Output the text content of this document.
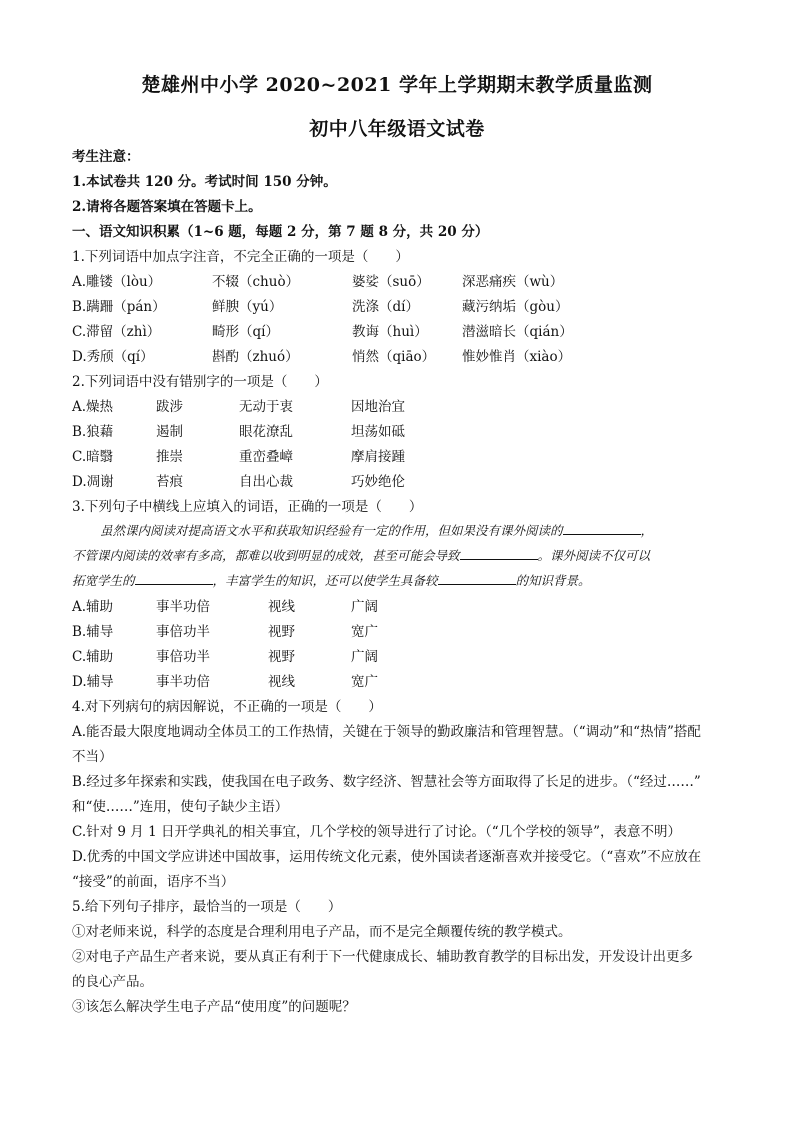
楚雄州中小学 2020~2021 学年上学期期末教学质量监测
初中八年级语文试卷
考生注意：
1.本试卷共 120 分。考试时间 150 分钟。
2.请将各题答案填在答题卡上。
一、语文知识积累（1~6 题，每题 2 分，第 7 题 8 分，共 20 分）
1.下列词语中加点字注音，不完全正确的一项是（　　）
A.雕镂（lòu）	不辍（chuò）	婆娑（suō） 深恶痛疾（wù）
B.蹒跚（pán）	鲜腴（yú）	洗涤（dí）	藏污纳垢（gòu）
C.滞留（zhì）	畸形（qí）	教诲（huì）	潜滋暗长（qián）
D.秀颀（qí）	斟酌（zhuó）	悄然（qiāo） 惟妙惟肖（xiào）
2.下列词语中没有错别字的一项是（　　）
A.燥热	跋涉	无动于衷	因地治宜
B.狼藉	遏制	眼花潦乱	坦荡如砥
C.暗翳	推崇	重峦叠嶂	摩肩接踵
D.凋谢	苔痕	自出心裁	巧妙绝伦
3.下列句子中横线上应填入的词语，正确的一项是（　　）
虽然课内阅读对提高语文水平和获取知识经验有一定的作用，但如果没有课外阅读的	，
不管课内阅读的效率有多高，都难以收到明显的成效，甚至可能会导致	。课外阅读不仅可以
拓宽学生的	，丰富学生的知识，还可以使学生具备较	的知识背景。
A.辅助	事半功倍	视线	广阔
B.辅导	事倍功半	视野	宽广
C.辅助	事倍功半	视野	广阔
D.辅导	事半功倍	视线	宽广
4.对下列病句的病因解说，不正确的一项是（　　）
A.能否最大限度地调动全体员工的工作热情，关键在于领导的勤政廉洁和管理智慧。（“调动”和“热情”搭配
不当）
B.经过多年探索和实践，使我国在电子政务、数字经济、智慧社会等方面取得了长足的进步。（“经过……”
和“使……”连用，使句子缺少主语）
C.针对 9 月 1 日开学典礼的相关事宜，几个学校的领导进行了讨论。（“几个学校的领导”，表意不明）
D.优秀的中国文学应讲述中国故事，运用传统文化元素，使外国读者逐渐喜欢并接受它。（“喜欢”不应放在
“接受”的前面，语序不当）
5.给下列句子排序，最恰当的一项是（　　）
①对老师来说，科学的态度是合理利用电子产品，而不是完全颠覆传统的教学模式。
②对电子产品生产者来说，要从真正有利于下一代健康成长、辅助教育教学的目标出发，开发设计出更多
的良心产品。
③该怎么解决学生电子产品“使用度”的问题呢？
